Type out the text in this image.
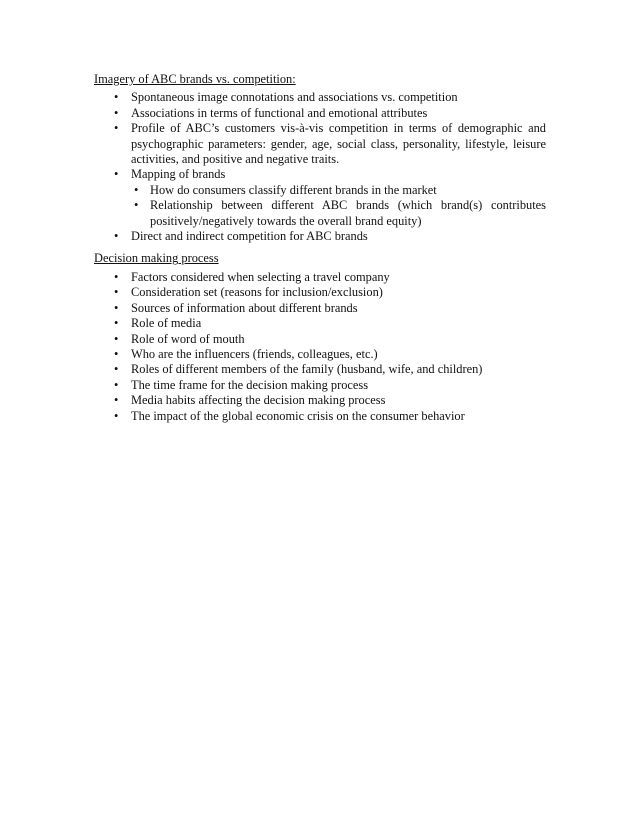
Imagery of ABC brands vs. competition:
• Spontaneous image connotations and associations vs. competition
• Associations in terms of functional and emotional attributes
• Profile of ABC’s customers vis-à-vis competition in terms of demographic and psychographic parameters: gender, age, social class, personality, lifestyle, leisure activities, and positive and negative traits.
• Mapping of brands
• How do consumers classify different brands in the market
• Relationship between different ABC brands (which brand(s) contributes positively/negatively towards the overall brand equity)
• Direct and indirect competition for ABC brands
Decision making process
• Factors considered when selecting a travel company
• Consideration set (reasons for inclusion/exclusion)
• Sources of information about different brands
• Role of media
• Role of word of mouth
• Who are the influencers (friends, colleagues, etc.)
• Roles of different members of the family (husband, wife, and children)
• The time frame for the decision making process
• Media habits affecting the decision making process
• The impact of the global economic crisis on the consumer behavior
